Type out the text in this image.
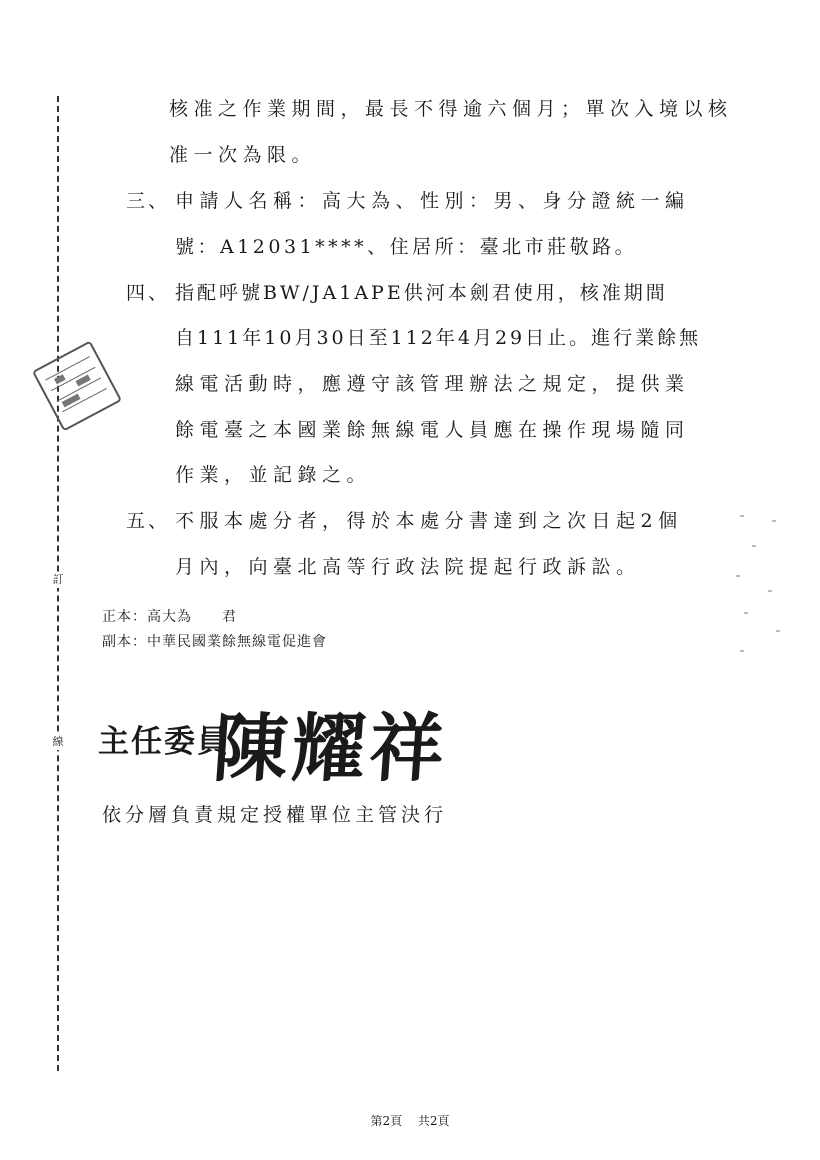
訂
線
核准之作業期間，最長不得逾六個月；單次入境以核
准一次為限。
三、 申請人名稱：高大為、性別：男、身分證統一編
號：A12031****、住居所：臺北市莊敬路。
四、 指配呼號BW/JA1APE供河本劍君使用，核准期間
自111年10月30日至112年4月29日止。進行業餘無
線電活動時，應遵守該管理辦法之規定，提供業
餘電臺之本國業餘無線電人員應在操作現場隨同
作業，並記錄之。
五、 不服本處分者，得於本處分書達到之次日起2個
月內，向臺北高等行政法院提起行政訴訟。
正本：高大為　　君
副本：中華民國業餘無線電促進會
主任委員
陳耀祥
依分層負責規定授權單位主管決行
第2頁 共2頁
